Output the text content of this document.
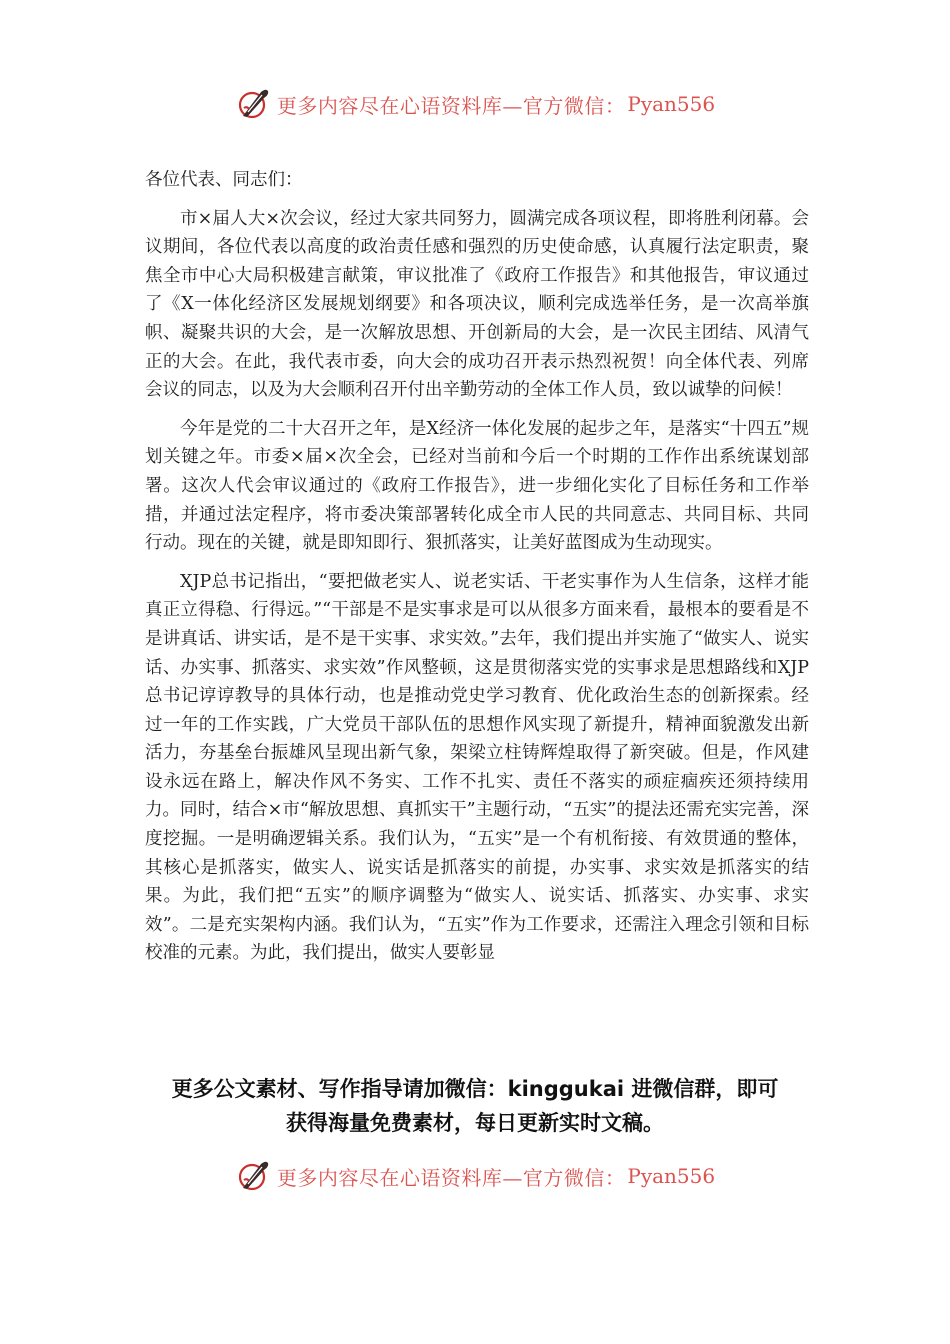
更多内容尽在心语资料库—官方微信： Pyan556

各位代表、同志们：

市×届人大×次会议，经过大家共同努力，圆满完成各项议程，即将胜利闭幕。会议期间，各位代表以高度的政治责任感和强烈的历史使命感，认真履行法定职责，聚焦全市中心大局积极建言献策，审议批准了《政府工作报告》和其他报告，审议通过了《X一体化经济区发展规划纲要》和各项决议，顺利完成选举任务，是一次高举旗帜、凝聚共识的大会，是一次解放思想、开创新局的大会，是一次民主团结、风清气正的大会。在此，我代表市委，向大会的成功召开表示热烈祝贺！向全体代表、列席会议的同志，以及为大会顺利召开付出辛勤劳动的全体工作人员，致以诚挚的问候！

今年是党的二十大召开之年，是X经济一体化发展的起步之年，是落实“十四五”规划关键之年。市委×届×次全会，已经对当前和今后一个时期的工作作出系统谋划部署。这次人代会审议通过的《政府工作报告》，进一步细化实化了目标任务和工作举措，并通过法定程序，将市委决策部署转化成全市人民的共同意志、共同目标、共同行动。现在的关键，就是即知即行、狠抓落实，让美好蓝图成为生动现实。

XJP总书记指出，“要把做老实人、说老实话、干老实事作为人生信条，这样才能真正立得稳、行得远。”“干部是不是实事求是可以从很多方面来看，最根本的要看是不是讲真话、讲实话，是不是干实事、求实效。”去年，我们提出并实施了“做实人、说实话、办实事、抓落实、求实效”作风整顿，这是贯彻落实党的实事求是思想路线和XJP总书记谆谆教导的具体行动，也是推动党史学习教育、优化政治生态的创新探索。经过一年的工作实践，广大党员干部队伍的思想作风实现了新提升，精神面貌激发出新活力，夯基垒台振雄风呈现出新气象，架梁立柱铸辉煌取得了新突破。但是，作风建设永远在路上，解决作风不务实、工作不扎实、责任不落实的顽症痼疾还须持续用力。同时，结合×市“解放思想、真抓实干”主题行动，“五实”的提法还需充实完善，深度挖掘。一是明确逻辑关系。我们认为，“五实”是一个有机衔接、有效贯通的整体，其核心是抓落实，做实人、说实话是抓落实的前提，办实事、求实效是抓落实的结果。为此，我们把“五实”的顺序调整为“做实人、说实话、抓落实、办实事、求实效”。二是充实架构内涵。我们认为，“五实”作为工作要求，还需注入理念引领和目标校准的元素。为此，我们提出，做实人要彰显

更多公文素材、写作指导请加微信：kinggukai 进微信群，即可
获得海量免费素材，每日更新实时文稿。
更多内容尽在心语资料库—官方微信： Pyan556
